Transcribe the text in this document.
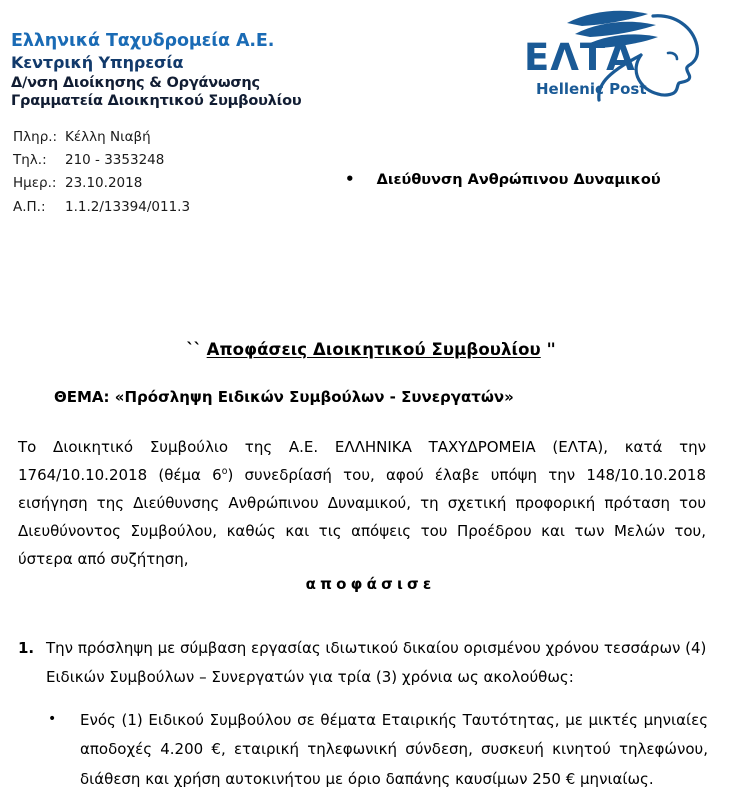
Ελληνικά Ταχυδρομεία Α.Ε.
Κεντρική Υπηρεσία
Δ/νση Διοίκησης & Οργάνωσης
Γραμματεία Διοικητικού Συμβουλίου
ΕΛΤΑ
Hellenic Post
Πληρ.: Κέλλη Νιαβή
Τηλ.:	210 - 3353248
Ημερ.: 23.10.2018
Α.Π.:	1.1.2/13394/011.3
• Διεύθυνση Ανθρώπινου Δυναμικού
`` Αποφάσεις Διοικητικού Συμβουλίου ''
ΘΕΜΑ: «Πρόσληψη Ειδικών Συμβούλων - Συνεργατών»
Το Διοικητικό Συμβούλιο της Α.Ε. ΕΛΛΗΝΙΚΑ ΤΑΧΥΔΡΟΜΕΙΑ (ΕΛΤΑ), κατά την 1764/10.10.2018 (θέμα $6^o$) συνεδρίασή του, αφού έλαβε υπόψη την 148/10.10.2018 εισήγηση της Διεύθυνσης Ανθρώπινου Δυναμικού, τη σχετική προφορική πρόταση του Διευθύνοντος Συμβούλου, καθώς και τις απόψεις του Προέδρου και των Μελών του, ύστερα από συζήτηση,
αποφάσισε
1. Την πρόσληψη με σύμβαση εργασίας ιδιωτικού δικαίου ορισμένου χρόνου τεσσάρων (4) Ειδικών Συμβούλων – Συνεργατών για τρία (3) χρόνια ως ακολούθως:
•	Ενός (1) Ειδικού Συμβούλου σε θέματα Εταιρικής Ταυτότητας, με μικτές μηνιαίες αποδοχές 4.200 €, εταιρική τηλεφωνική σύνδεση, συσκευή κινητού τηλεφώνου, διάθεση και χρήση αυτοκινήτου με όριο δαπάνης καυσίμων 250 € μηνιαίως.
